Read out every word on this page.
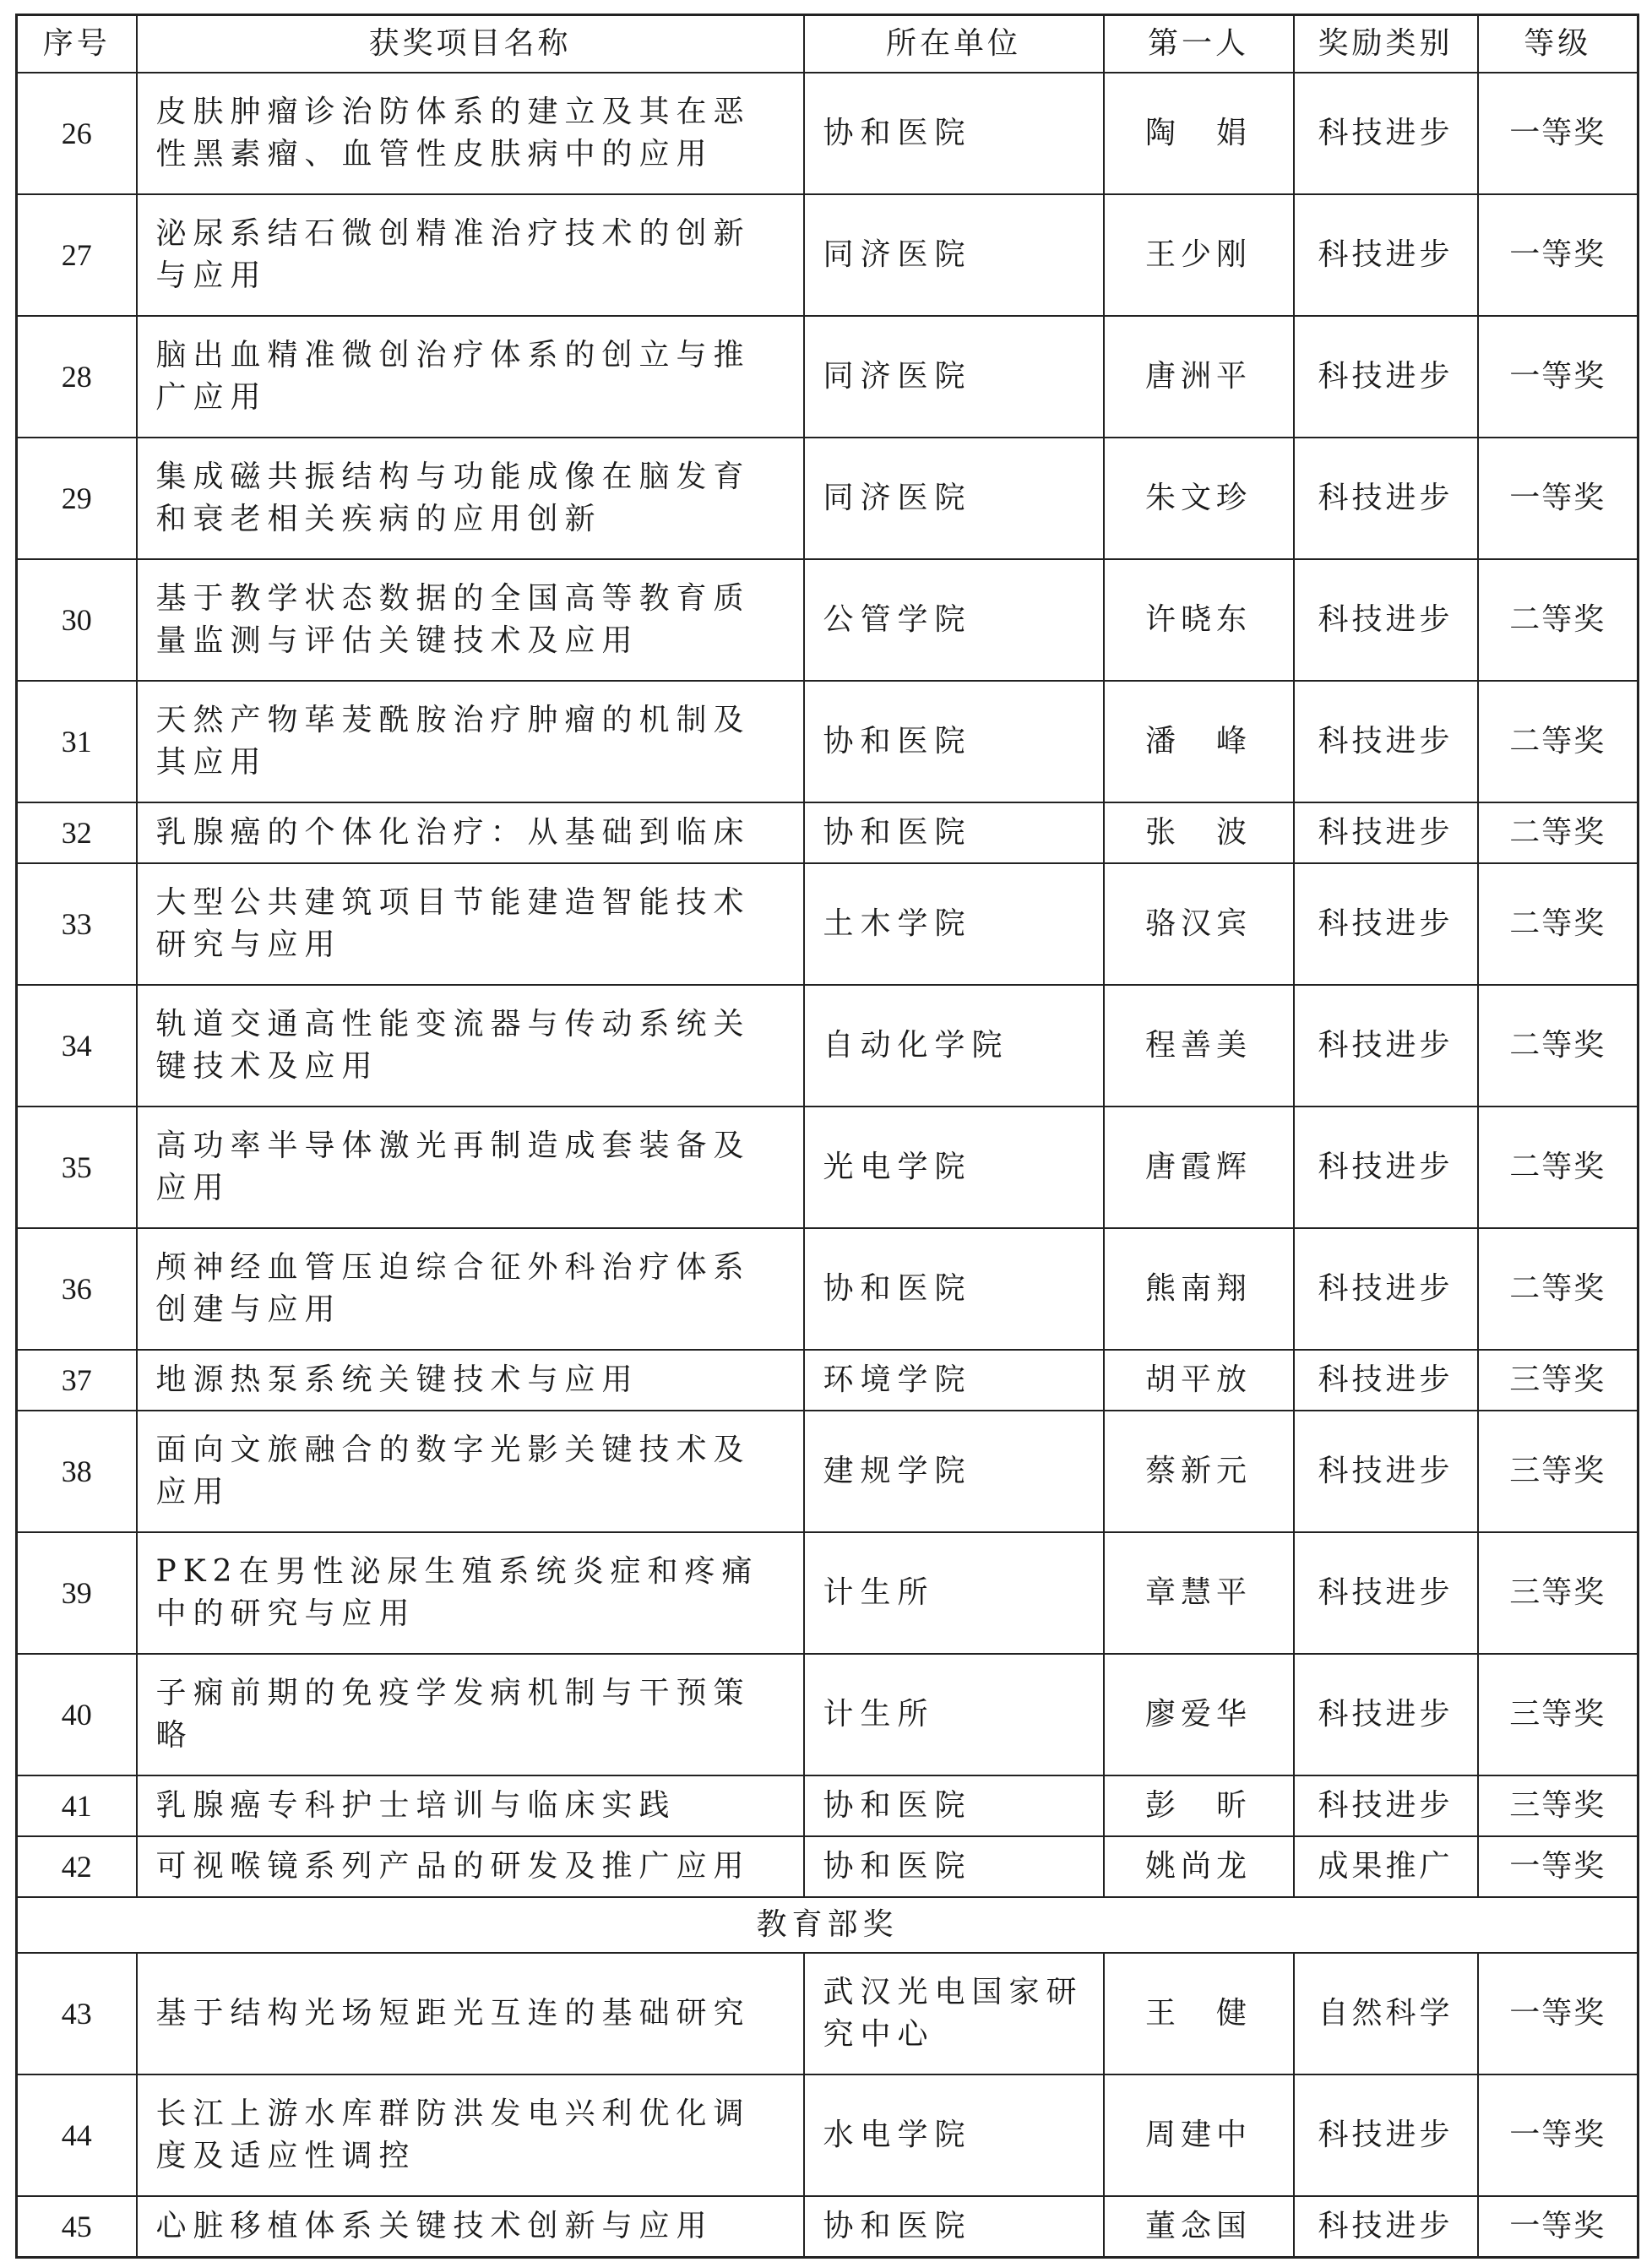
序号	获奖项目名称	所在单位	第一人	奖励类别	等级
26	皮肤肿瘤诊治防体系的建立及其在恶性黑素瘤、血管性皮肤病中的应用	协和医院	陶　娟	科技进步	一等奖
27	泌尿系结石微创精准治疗技术的创新与应用	同济医院	王少刚	科技进步	一等奖
28	脑出血精准微创治疗体系的创立与推广应用	同济医院	唐洲平	科技进步	一等奖
29	集成磁共振结构与功能成像在脑发育和衰老相关疾病的应用创新	同济医院	朱文珍	科技进步	一等奖
30	基于教学状态数据的全国高等教育质量监测与评估关键技术及应用	公管学院	许晓东	科技进步	二等奖
31	天然产物荜茇酰胺治疗肿瘤的机制及其应用	协和医院	潘　峰	科技进步	二等奖
32	乳腺癌的个体化治疗：从基础到临床	协和医院	张　波	科技进步	二等奖
33	大型公共建筑项目节能建造智能技术研究与应用	土木学院	骆汉宾	科技进步	二等奖
34	轨道交通高性能变流器与传动系统关键技术及应用	自动化学院	程善美	科技进步	二等奖
35	高功率半导体激光再制造成套装备及应用	光电学院	唐霞辉	科技进步	二等奖
36	颅神经血管压迫综合征外科治疗体系创建与应用	协和医院	熊南翔	科技进步	二等奖
37	地源热泵系统关键技术与应用	环境学院	胡平放	科技进步	三等奖
38	面向文旅融合的数字光影关键技术及应用	建规学院	蔡新元	科技进步	三等奖
39	PK2在男性泌尿生殖系统炎症和疼痛中的研究与应用	计生所	章慧平	科技进步	三等奖
40	子痫前期的免疫学发病机制与干预策略	计生所	廖爱华	科技进步	三等奖
41	乳腺癌专科护士培训与临床实践	协和医院	彭　昕	科技进步	三等奖
42	可视喉镜系列产品的研发及推广应用	协和医院	姚尚龙	成果推广	一等奖
教育部奖					
43	基于结构光场短距光互连的基础研究	武汉光电国家研究中心	王　健	自然科学	一等奖
44	长江上游水库群防洪发电兴利优化调度及适应性调控	水电学院	周建中	科技进步	一等奖
45	心脏移植体系关键技术创新与应用	协和医院	董念国	科技进步	一等奖
